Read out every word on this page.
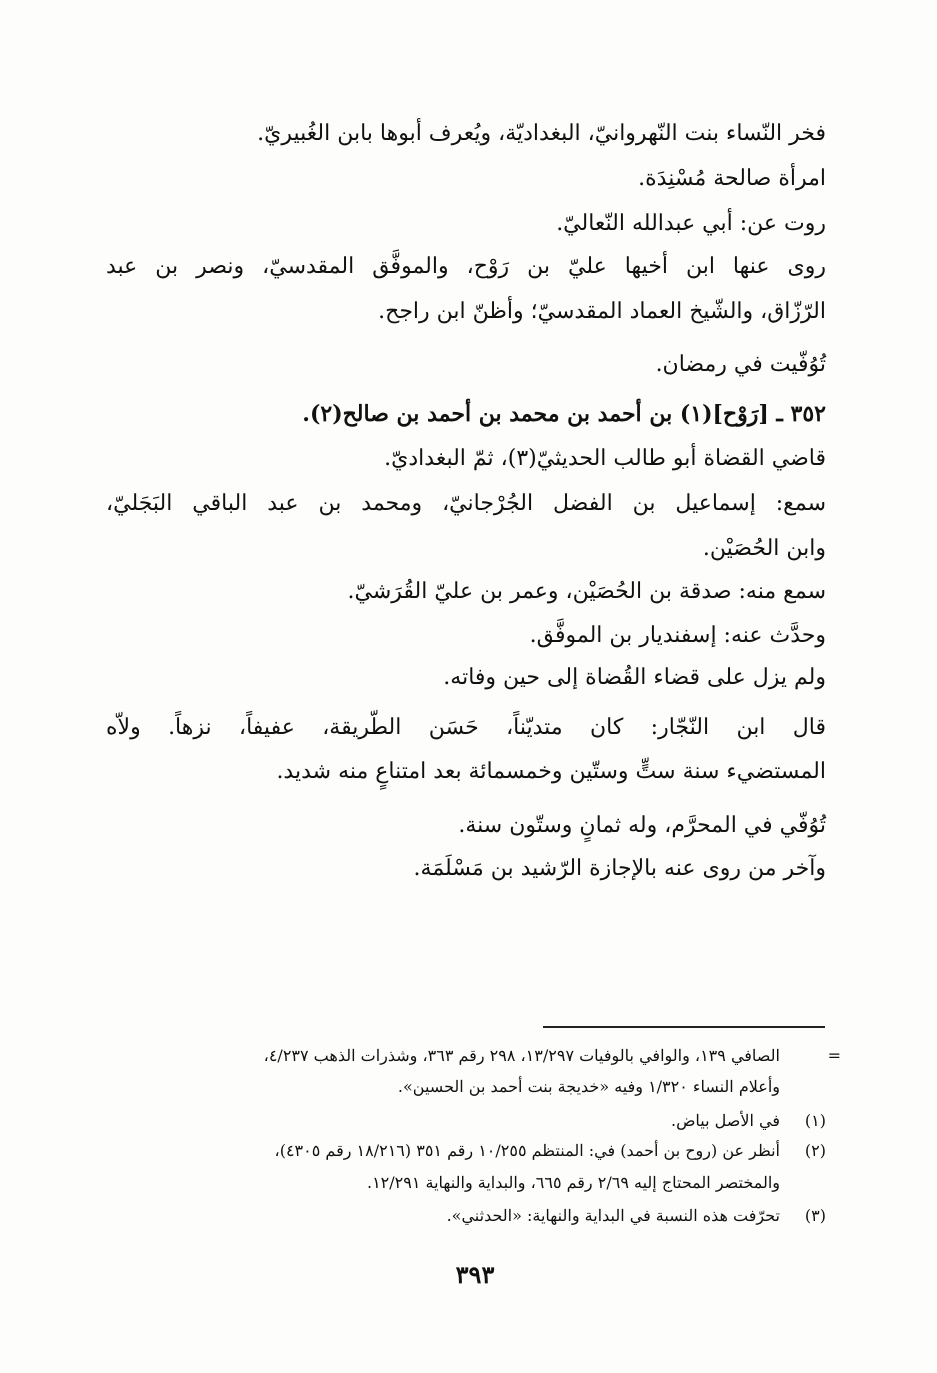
فخر النّساء بنت النّهروانيّ، البغداديّة، ويُعرف أبوها بابن الغُبيريّ.
امرأة صالحة مُسْنِدَة.
روت عن: أبي عبدالله النّعاليّ.
روى عنها ابن أخيها عليّ بن رَوْح، والموفَّق المقدسيّ، ونصر بن عبد
الرّزّاق، والشّيخ العماد المقدسيّ؛ وأظنّ ابن راجح.
تُوُفّيت في رمضان.
٣٥٢ ـ [رَوْح](١) بن أحمد بن محمد بن أحمد بن صالح(٢).
قاضي القضاة أبو طالب الحديثيّ(٣)، ثمّ البغداديّ.
سمع: إسماعيل بن الفضل الجُرْجانيّ، ومحمد بن عبد الباقي البَجَليّ،
وابن الحُصَيْن.
سمع منه: صدقة بن الحُصَيْن، وعمر بن عليّ القُرَشيّ.
وحدَّث عنه: إسفنديار بن الموفَّق.
ولم يزل على قضاء القُضاة إلى حين وفاته.
قال ابن النّجّار: كان متديّناً، حَسَن الطّريقة، عفيفاً، نزهاً. ولاّه
المستضيء سنة ستٍّ وستّين وخمسمائة بعد امتناعٍ منه شديد.
تُوُفّي في المحرَّم، وله ثمانٍ وستّون سنة.
وآخر من روى عنه بالإجازة الرّشيد بن مَسْلَمَة.
=
الصافي ١٣٩، والوافي بالوفيات ١٣/٢٩٧، ٢٩٨ رقم ٣٦٣، وشذرات الذهب ٤/٢٣٧،
وأعلام النساء ١/٣٢٠ وفيه «خديجة بنت أحمد بن الحسين».
(١)
في الأصل بياض.
(٢)
أنظر عن (روح بن أحمد) في: المنتظم ١٠/٢٥٥ رقم ٣٥١ (١٨/٢١٦ رقم ٤٣٠٥)،
والمختصر المحتاج إليه ٢/٦٩ رقم ٦٦٥، والبداية والنهاية ١٢/٢٩١.
(٣)
تحرّفت هذه النسبة في البداية والنهاية: «الحدثني».
٣٩٣
